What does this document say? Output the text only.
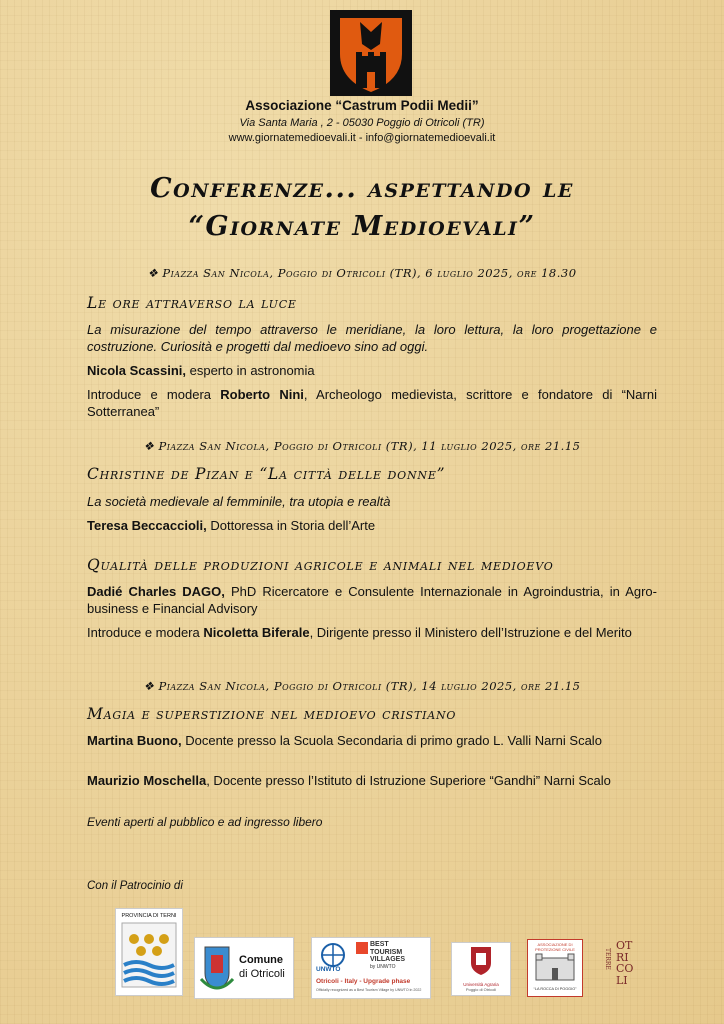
Associazione “Castrum Podii Medii”
Via Santa Maria , 2 - 05030 Poggio di Otricoli (TR)
www.giornatemedioevali.it - info@giornatemedioevali.it
Conferenze... aspettando le
“Giornate Medioevali”
❖ Piazza San Nicola, Poggio di Otricoli (TR), 6 luglio 2025, ore 18.30
Le ore attraverso la luce
La misurazione del tempo attraverso le meridiane, la loro lettura, la loro progettazione e costruzione. Curiosità e progetti dal medioevo sino ad oggi.
Nicola Scassini, esperto in astronomia
Introduce e modera Roberto Nini, Archeologo medievista, scrittore e fondatore di “Narni Sotterranea”
❖ Piazza San Nicola, Poggio di Otricoli (TR), 11 luglio 2025, ore 21.15
Christine de Pizan e “La città delle donne”
La società medievale al femminile, tra utopia e realtà
Teresa Beccaccioli, Dottoressa in Storia dell’Arte
Qualità delle produzioni agricole e animali nel medioevo
Dadié Charles DAGO, PhD Ricercatore e Consulente Internazionale in Agroindustria, in Agro-business e Financial Advisory
Introduce e modera Nicoletta Biferale, Dirigente presso il Ministero dell’Istruzione e del Merito
❖ Piazza San Nicola, Poggio di Otricoli (TR), 14 luglio 2025, ore 21.15
Magia e superstizione nel medioevo cristiano
Martina Buono, Docente presso la Scuola Secondaria di primo grado L. Valli Narni Scalo
Maurizio Moschella, Docente presso l’Istituto di Istruzione Superiore “Gandhi” Narni Scalo
Eventi aperti al pubblico e ad ingresso libero
Con il Patrocinio di
PROVINCIA DI TERNI
Comune
di Otricoli	UNWTO
BEST
TOURISM
VILLAGES
by UNWTO
Otricoli - Italy - Upgrade phase
Officially recognized as a Best Tourism Village by UNWTO in 2022
Università Agraria
Poggio di Otricoli
ASSOCIAZIONE DI
PROTEZIONE CIVILE
“LA ROCCA DI POGGIO”
TERRE
OT
RI
CO
LI
